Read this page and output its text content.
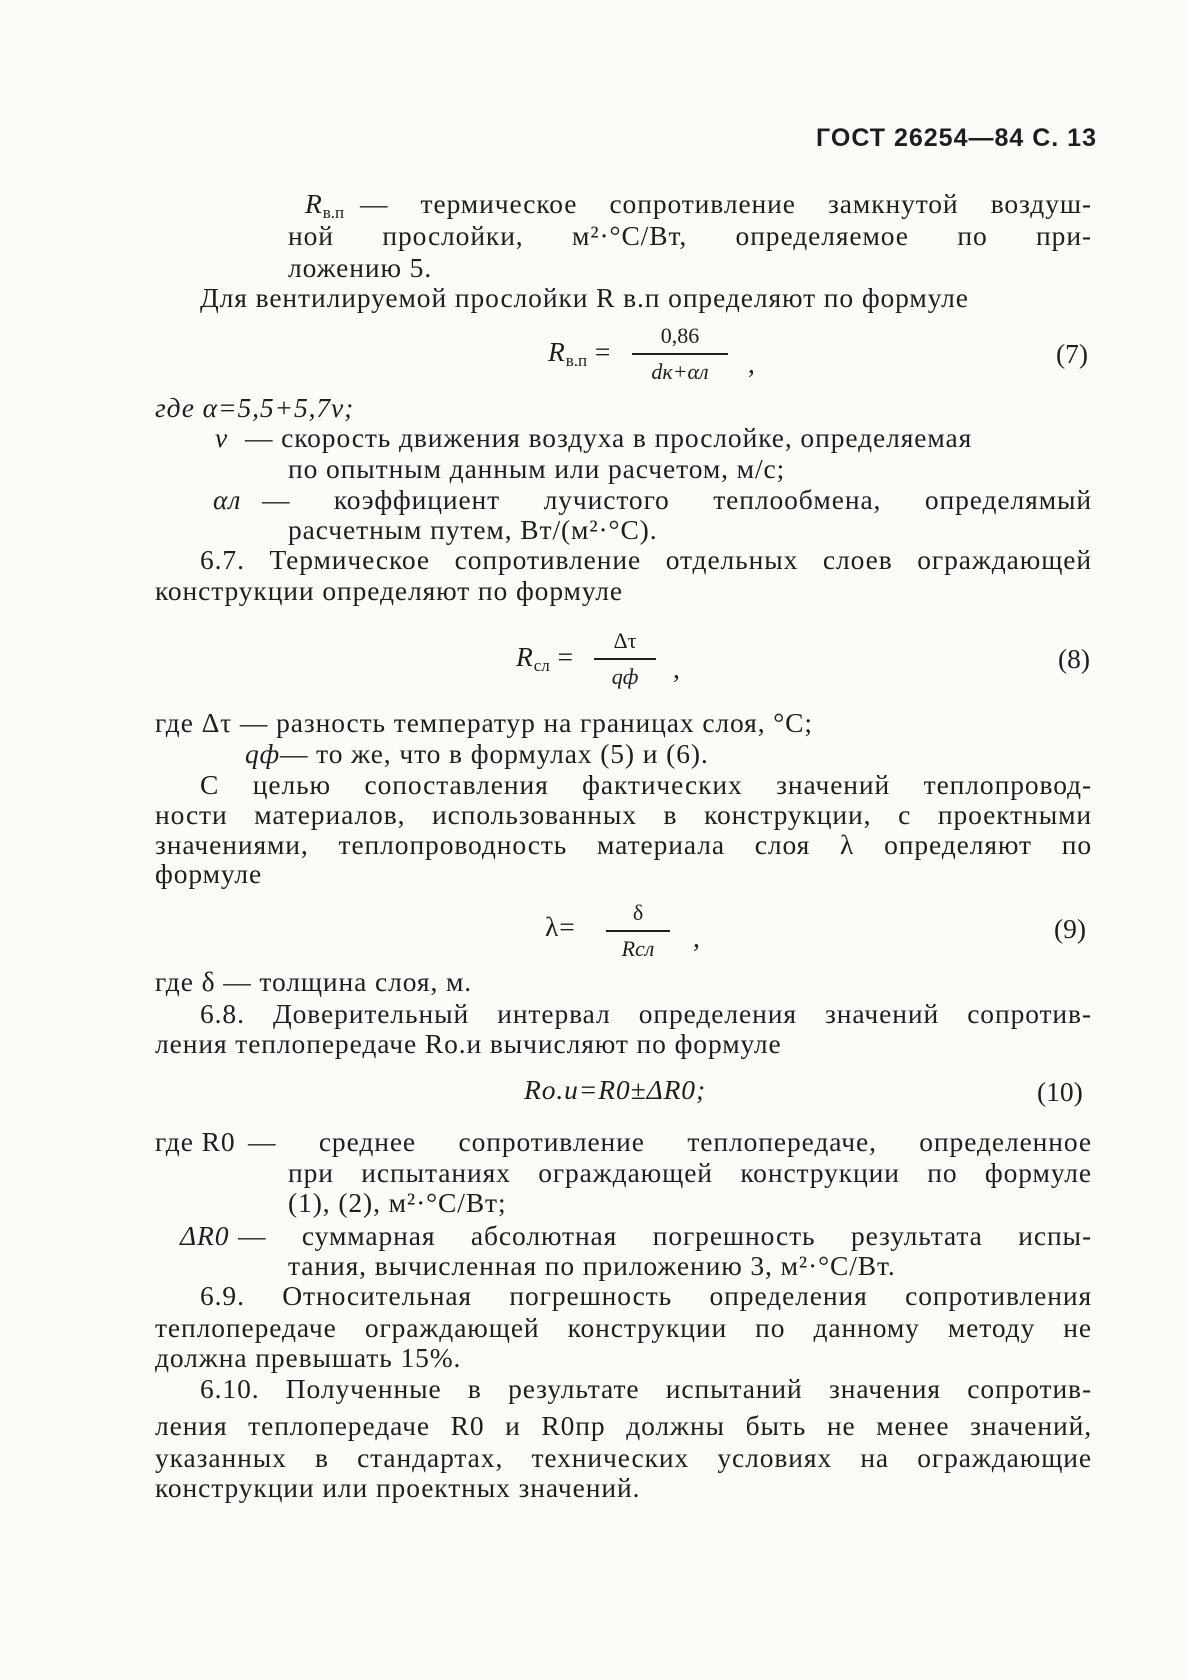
ГОСТ 26254—84 С. 13
$R_{в.п}$ — термическое сопротивление замкнутой воздуш-
ной прослойки, м²·°С/Вт, определяемое по при-
ложению 5.
Для вентилируемой прослойки R в.п определяют по формуле
$R_{в.п}$ =
0,86
dк+αл	,	(7)
где α=5,5+5,7v;
v — скорость движения воздуха в прослойке, определяемая
по опытным данным или расчетом, м/с;
αл — коэффициент лучистого теплообмена, определямый
расчетным путем, Вт/(м²·°С).
6.7. Термическое сопротивление отдельных слоев ограждающей
конструкции определяют по формуле
$R_{сл}$ =
Δτ
qф	,	(8)
где Δτ — разность температур на границах слоя, °С;
qф — то же, что в формулах (5) и (6).
С целью сопоставления фактических значений теплопровод-
ности материалов, использованных в конструкции, с проектными
значениями, теплопроводность материала слоя λ определяют по
формуле
λ=	δ
Rсл	,	(9)
где δ — толщина слоя, м.
6.8. Доверительный интервал определения значений сопротив-
ления теплопередаче Rо.и вычисляют по формуле
Rо.и=R0±ΔR0;	(10)
где R0 — среднее сопротивление теплопередаче, определенное
при испытаниях ограждающей конструкции по формуле
(1), (2), м²·°С/Вт;
ΔR0 — суммарная абсолютная погрешность результата испы-
тания, вычисленная по приложению 3, м²·°С/Вт.
6.9. Относительная погрешность определения сопротивления
теплопередаче ограждающей конструкции по данному методу не
должна превышать 15%.
6.10. Полученные в результате испытаний значения сопротив-
ления теплопередаче R0 и R0пр должны быть не менее значений,
указанных в стандартах, технических условиях на ограждающие
конструкции или проектных значений.
